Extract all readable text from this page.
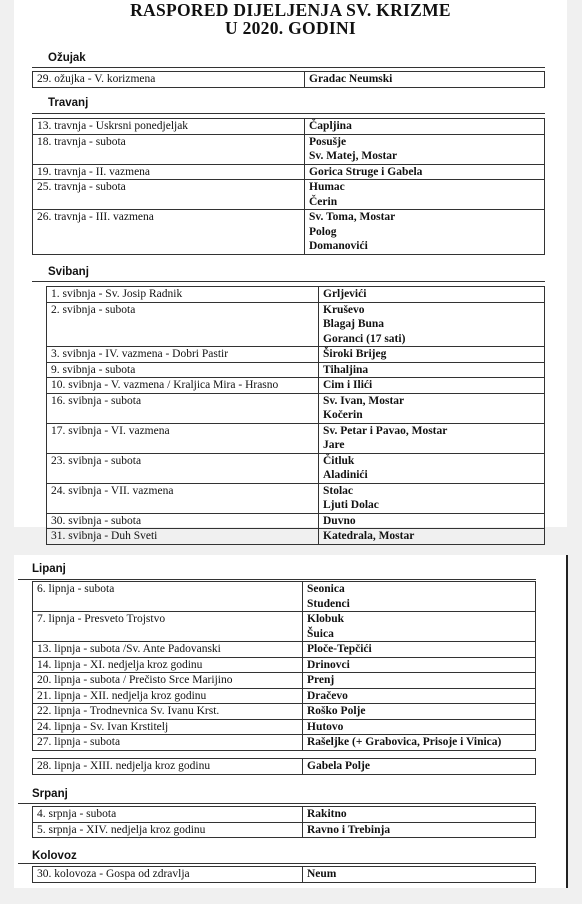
RASPORED DIJELJENJA SV. KRIZME
U 2020. GODINI
Ožujak
29. ožujka - V. korizmena	Gradac Neumski
Travanj
13. travnja - Uskrsni ponedjeljak	Čapljina
18. travnja - subota	Posušje
Sv. Matej, Mostar
19. travnja - II. vazmena	Gorica Struge i Gabela
25. travnja - subota	Humac
Čerin
26. travnja - III. vazmena	Sv. Toma, Mostar
Polog
Domanovići
Svibanj
1. svibnja - Sv. Josip Radnik	Grljevići
2. svibnja - subota	Kruševo
Blagaj Buna
Goranci (17 sati)
3. svibnja - IV. vazmena - Dobri Pastir	Široki Brijeg
9. svibnja - subota	Tihaljina
10. svibnja - V. vazmena / Kraljica Mira - Hrasno	Cim i Ilići
16. svibnja - subota	Sv. Ivan, Mostar
Kočerin
17. svibnja - VI. vazmena	Sv. Petar i Pavao, Mostar
Jare
23. svibnja - subota	Čitluk
Aladinići
24. svibnja - VII. vazmena	Stolac
Ljuti Dolac
30. svibnja - subota	Duvno
31. svibnja - Duh Sveti	Katedrala, Mostar
Lipanj
6. lipnja - subota	Seonica
Studenci
7. lipnja - Presveto Trojstvo	Klobuk
Šuica
13. lipnja - subota /Sv. Ante Padovanski	Ploče-Tepčići
14. lipnja - XI. nedjelja kroz godinu	Drinovci
20. lipnja - subota / Prečisto Srce Marijino	Prenj
21. lipnja - XII. nedjelja kroz godinu	Dračevo
22. lipnja - Trodnevnica Sv. Ivanu Krst.	Roško Polje
24. lipnja - Sv. Ivan Krstitelj	Hutovo
27. lipnja - subota	Rašeljke (+ Grabovica, Prisoje i Vinica)
28. lipnja - XIII. nedjelja kroz godinu	Gabela Polje
Srpanj
4. srpnja - subota	Rakitno
5. srpnja - XIV. nedjelja kroz godinu	Ravno i Trebinja
Kolovoz
30. kolovoza - Gospa od zdravlja	Neum
